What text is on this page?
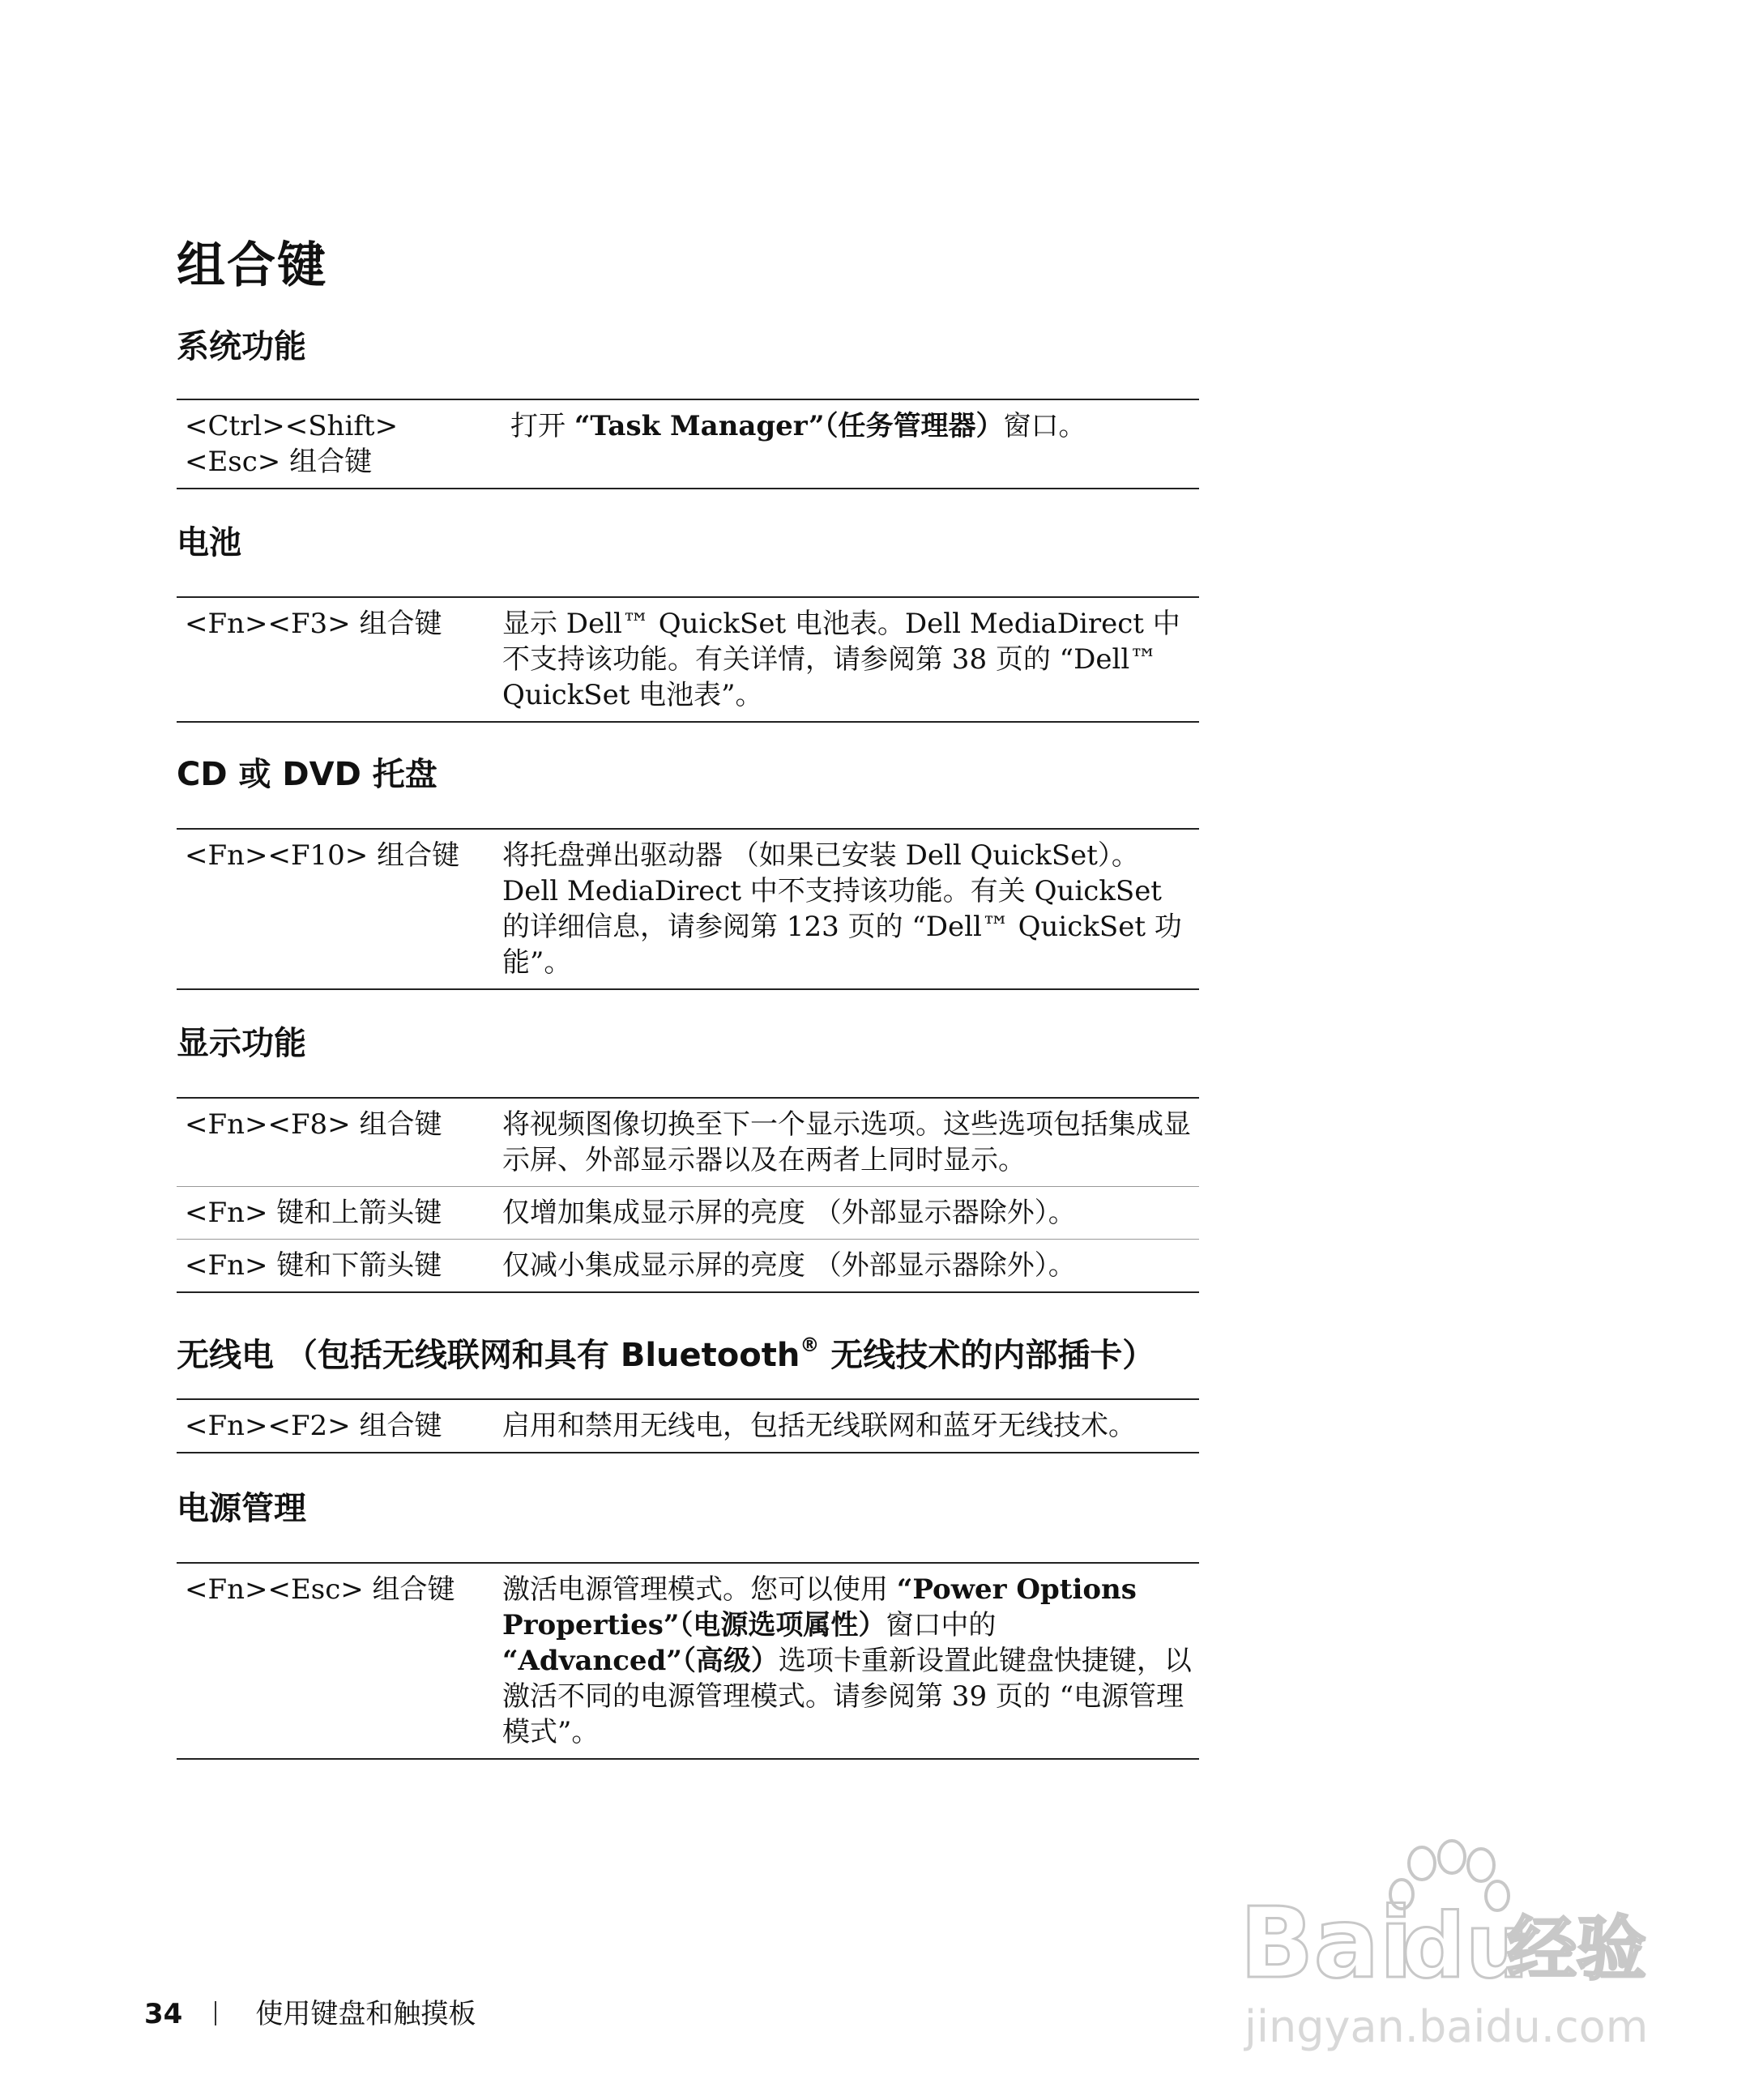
组合键
系统功能
<Ctrl><Shift><Esc> 组合键	打开 “Task Manager”（任务管理器）窗口。
电池
<Fn><F3> 组合键	显示 Dell™ QuickSet 电池表。Dell MediaDirect 中不支持该功能。有关详情，请参阅第 38 页的 “Dell™ QuickSet 电池表”。
CD 或 DVD 托盘
<Fn><F10> 组合键	将托盘弹出驱动器 （如果已安装 Dell QuickSet）。Dell MediaDirect 中不支持该功能。有关 QuickSet 的详细信息，请参阅第 123 页的 “Dell™ QuickSet 功能”。
显示功能
<Fn><F8> 组合键	将视频图像切换至下一个显示选项。这些选项包括集成显示屏、外部显示器以及在两者上同时显示。
<Fn> 键和上箭头键	仅增加集成显示屏的亮度 （外部显示器除外）。
<Fn> 键和下箭头键	仅减小集成显示屏的亮度 （外部显示器除外）。
无线电 （包括无线联网和具有 Bluetooth® 无线技术的内部插卡）
<Fn><F2> 组合键	启用和禁用无线电，包括无线联网和蓝牙无线技术。
电源管理
<Fn><Esc> 组合键	激活电源管理模式。您可以使用 “Power Options Properties”（电源选项属性）窗口中的 “Advanced”（高级）选项卡重新设置此键盘快捷键，以激活不同的电源管理模式。请参阅第 39 页的 “电源管理模式”。
34	使用键盘和触摸板
Bai
du
经验
jingyan.baidu.com
